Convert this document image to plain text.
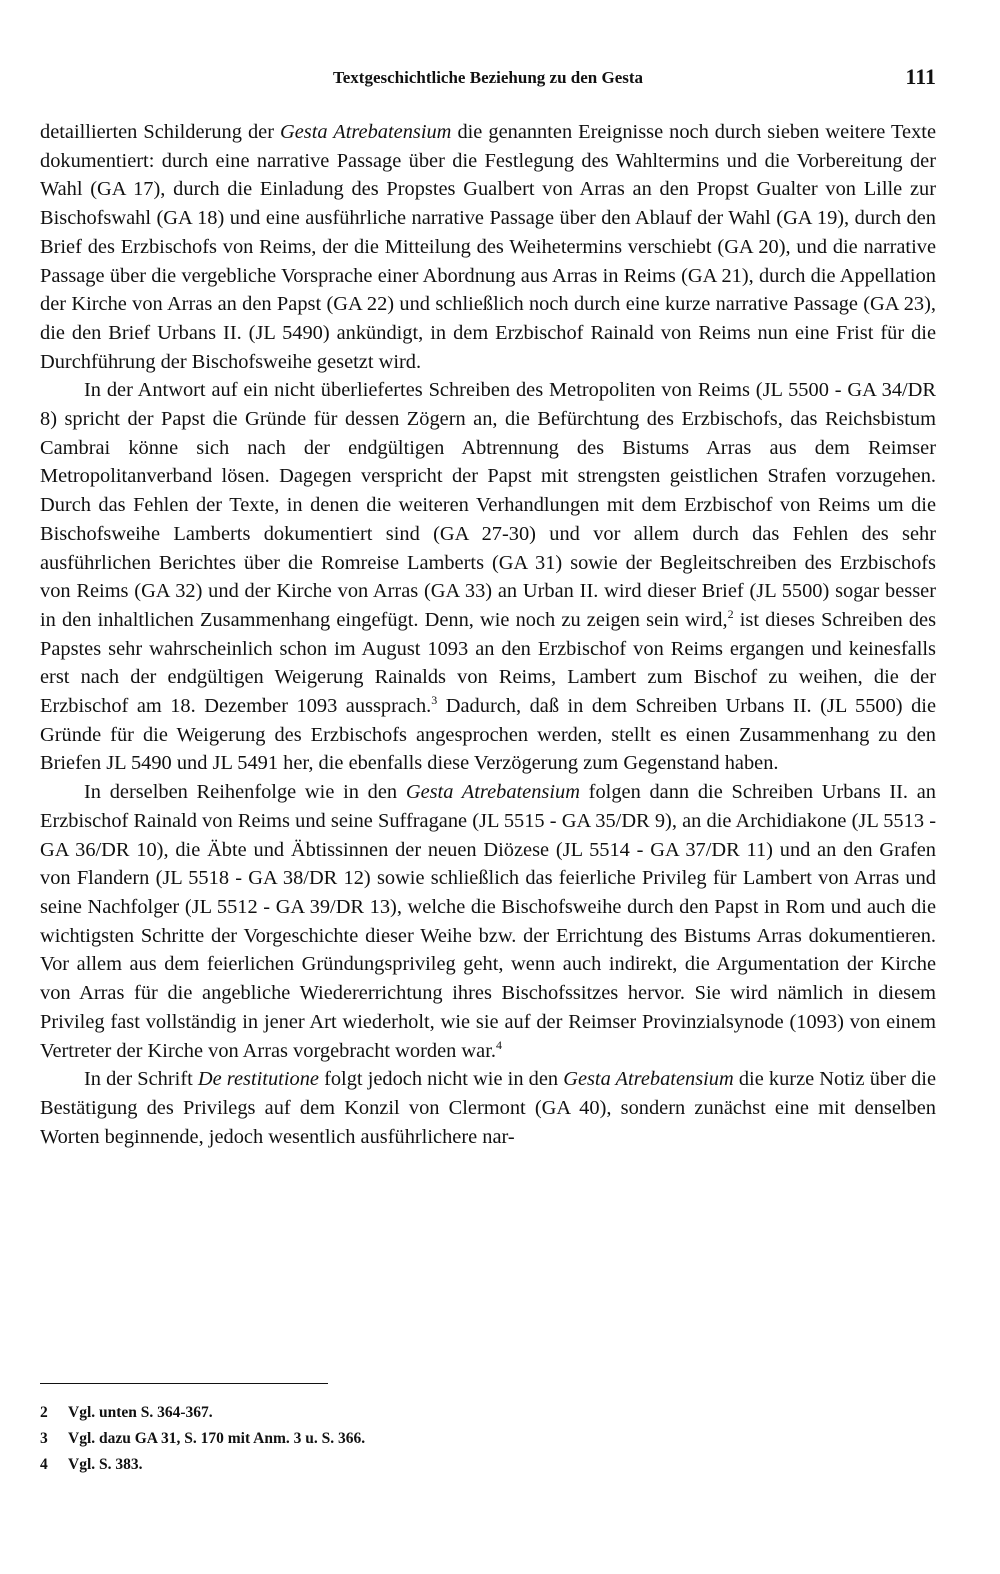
Textgeschichtliche Beziehung zu den Gesta	111

detaillierten Schilderung der Gesta Atrebatensium die genannten Ereignisse noch durch sieben weitere Texte dokumentiert: durch eine narrative Passage über die Festlegung des Wahltermins und die Vorbereitung der Wahl (GA 17), durch die Einladung des Propstes Gualbert von Arras an den Propst Gualter von Lille zur Bischofswahl (GA 18) und eine ausführliche narrative Passage über den Ablauf der Wahl (GA 19), durch den Brief des Erzbischofs von Reims, der die Mitteilung des Weihetermins verschiebt (GA 20), und die narrative Passage über die vergebliche Vorsprache einer Abordnung aus Arras in Reims (GA 21), durch die Appellation der Kirche von Arras an den Papst (GA 22) und schließlich noch durch eine kurze narrative Passage (GA 23), die den Brief Urbans II. (JL 5490) ankündigt, in dem Erzbischof Rainald von Reims nun eine Frist für die Durchführung der Bischofsweihe gesetzt wird.

In der Antwort auf ein nicht überliefertes Schreiben des Metropoliten von Reims (JL 5500 - GA 34/DR 8) spricht der Papst die Gründe für dessen Zögern an, die Befürchtung des Erzbischofs, das Reichsbistum Cambrai könne sich nach der endgültigen Abtrennung des Bistums Arras aus dem Reimser Metropolitanverband lösen. Dagegen verspricht der Papst mit strengsten geistlichen Strafen vorzugehen. Durch das Fehlen der Texte, in denen die weiteren Verhandlungen mit dem Erzbischof von Reims um die Bischofsweihe Lamberts dokumentiert sind (GA 27-30) und vor allem durch das Fehlen des sehr ausführlichen Berichtes über die Romreise Lamberts (GA 31) sowie der Begleitschreiben des Erzbischofs von Reims (GA 32) und der Kirche von Arras (GA 33) an Urban II. wird dieser Brief (JL 5500) sogar besser in den inhaltlichen Zusammenhang eingefügt. Denn, wie noch zu zeigen sein wird,$^2$ ist dieses Schreiben des Papstes sehr wahrscheinlich schon im August 1093 an den Erzbischof von Reims ergangen und keinesfalls erst nach der endgültigen Weigerung Rainalds von Reims, Lambert zum Bischof zu weihen, die der Erzbischof am 18. Dezember 1093 aussprach.$^3$ Dadurch, daß in dem Schreiben Urbans II. (JL 5500) die Gründe für die Weigerung des Erzbischofs angesprochen werden, stellt es einen Zusammenhang zu den Briefen JL 5490 und JL 5491 her, die ebenfalls diese Verzögerung zum Gegenstand haben.

In derselben Reihenfolge wie in den Gesta Atrebatensium folgen dann die Schreiben Urbans II. an Erzbischof Rainald von Reims und seine Suffragane (JL 5515 - GA 35/DR 9), an die Archidiakone (JL 5513 - GA 36/DR 10), die Äbte und Äbtissinnen der neuen Diözese (JL 5514 - GA 37/DR 11) und an den Grafen von Flandern (JL 5518 - GA 38/DR 12) sowie schließlich das feierliche Privileg für Lambert von Arras und seine Nachfolger (JL 5512 - GA 39/DR 13), welche die Bischofsweihe durch den Papst in Rom und auch die wichtigsten Schritte der Vorgeschichte dieser Weihe bzw. der Errichtung des Bistums Arras dokumentieren. Vor allem aus dem feierlichen Gründungsprivileg geht, wenn auch indirekt, die Argumentation der Kirche von Arras für die angebliche Wiedererrichtung ihres Bischofssitzes hervor. Sie wird nämlich in diesem Privileg fast vollständig in jener Art wiederholt, wie sie auf der Reimser Provinzialsynode (1093) von einem Vertreter der Kirche von Arras vorgebracht worden war.$^4$

In der Schrift De restitutione folgt jedoch nicht wie in den Gesta Atrebatensium die kurze Notiz über die Bestätigung des Privilegs auf dem Konzil von Clermont (GA 40), sondern zunächst eine mit denselben Worten beginnende, jedoch wesentlich ausführlichere nar-

2 Vgl. unten S. 364-367.
3 Vgl. dazu GA 31, S. 170 mit Anm. 3 u. S. 366.
4 Vgl. S. 383.
